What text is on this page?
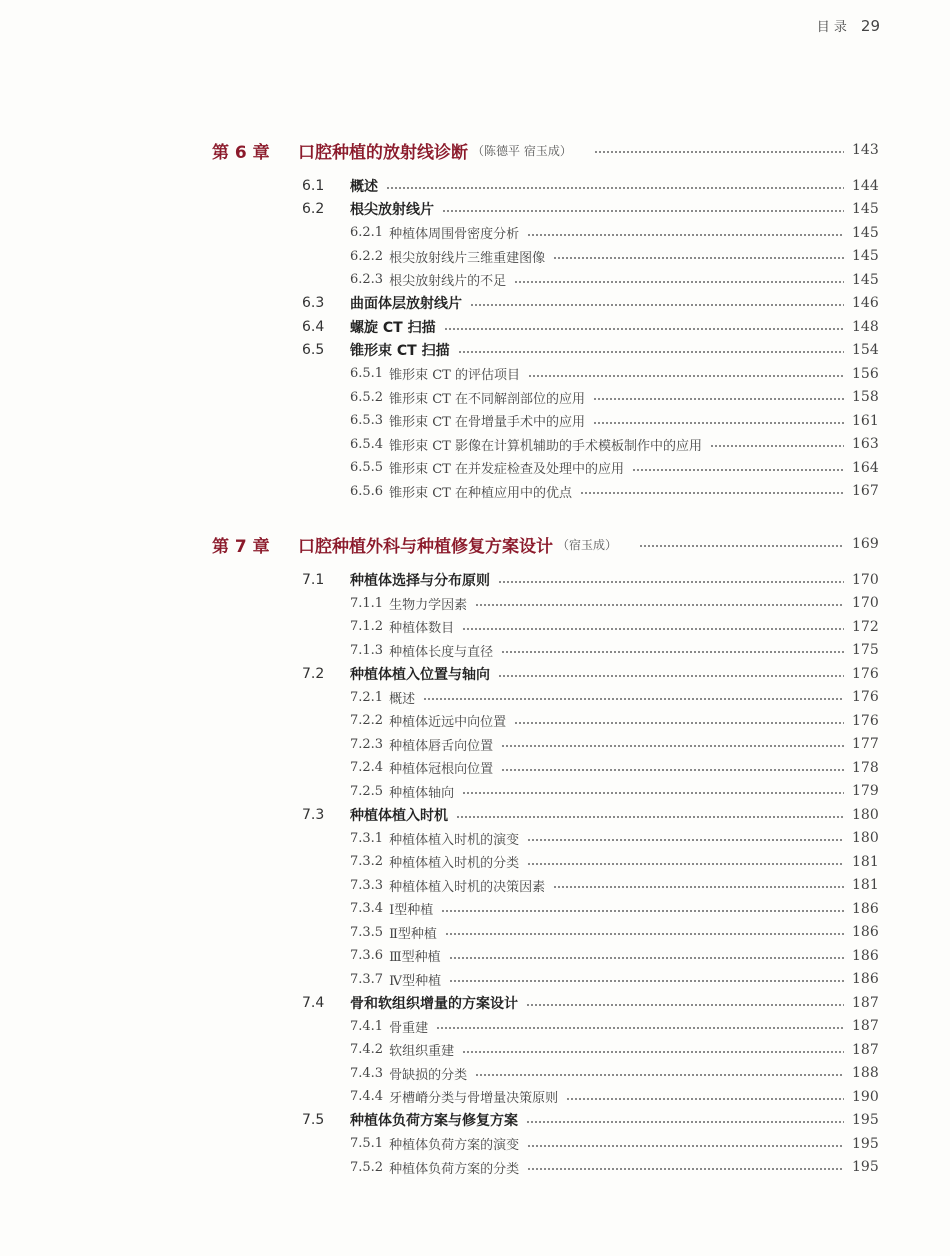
目 录 29
第 6 章	口腔种植的放射线诊断 （陈德平 宿玉成）	143
6.1	概述	144
6.2	根尖放射线片	145
6.2.1 种植体周围骨密度分析	145
6.2.2 根尖放射线片三维重建图像	145
6.2.3 根尖放射线片的不足	145
6.3	曲面体层放射线片	146
6.4	螺旋 CT 扫描	148
6.5	锥形束 CT 扫描	154
6.5.1 锥形束 CT 的评估项目	156
6.5.2 锥形束 CT 在不同解剖部位的应用	158
6.5.3 锥形束 CT 在骨增量手术中的应用	161
6.5.4 锥形束 CT 影像在计算机辅助的手术模板制作中的应用	163
6.5.5 锥形束 CT 在并发症检查及处理中的应用	164
6.5.6 锥形束 CT 在种植应用中的优点	167
第 7 章	口腔种植外科与种植修复方案设计 （宿玉成）	169
7.1	种植体选择与分布原则	170
7.1.1 生物力学因素	170
7.1.2 种植体数目	172
7.1.3 种植体长度与直径	175
7.2	种植体植入位置与轴向	176
7.2.1 概述	176
7.2.2 种植体近远中向位置	176
7.2.3 种植体唇舌向位置	177
7.2.4 种植体冠根向位置	178
7.2.5 种植体轴向	179
7.3	种植体植入时机	180
7.3.1 种植体植入时机的演变	180
7.3.2 种植体植入时机的分类	181
7.3.3 种植体植入时机的决策因素	181
7.3.4 Ⅰ型种植	186
7.3.5 Ⅱ型种植	186
7.3.6 Ⅲ型种植	186
7.3.7 Ⅳ型种植	186
7.4	骨和软组织增量的方案设计	187
7.4.1 骨重建	187
7.4.2 软组织重建	187
7.4.3 骨缺损的分类	188
7.4.4 牙槽嵴分类与骨增量决策原则	190
7.5	种植体负荷方案与修复方案	195
7.5.1 种植体负荷方案的演变	195
7.5.2 种植体负荷方案的分类	195
